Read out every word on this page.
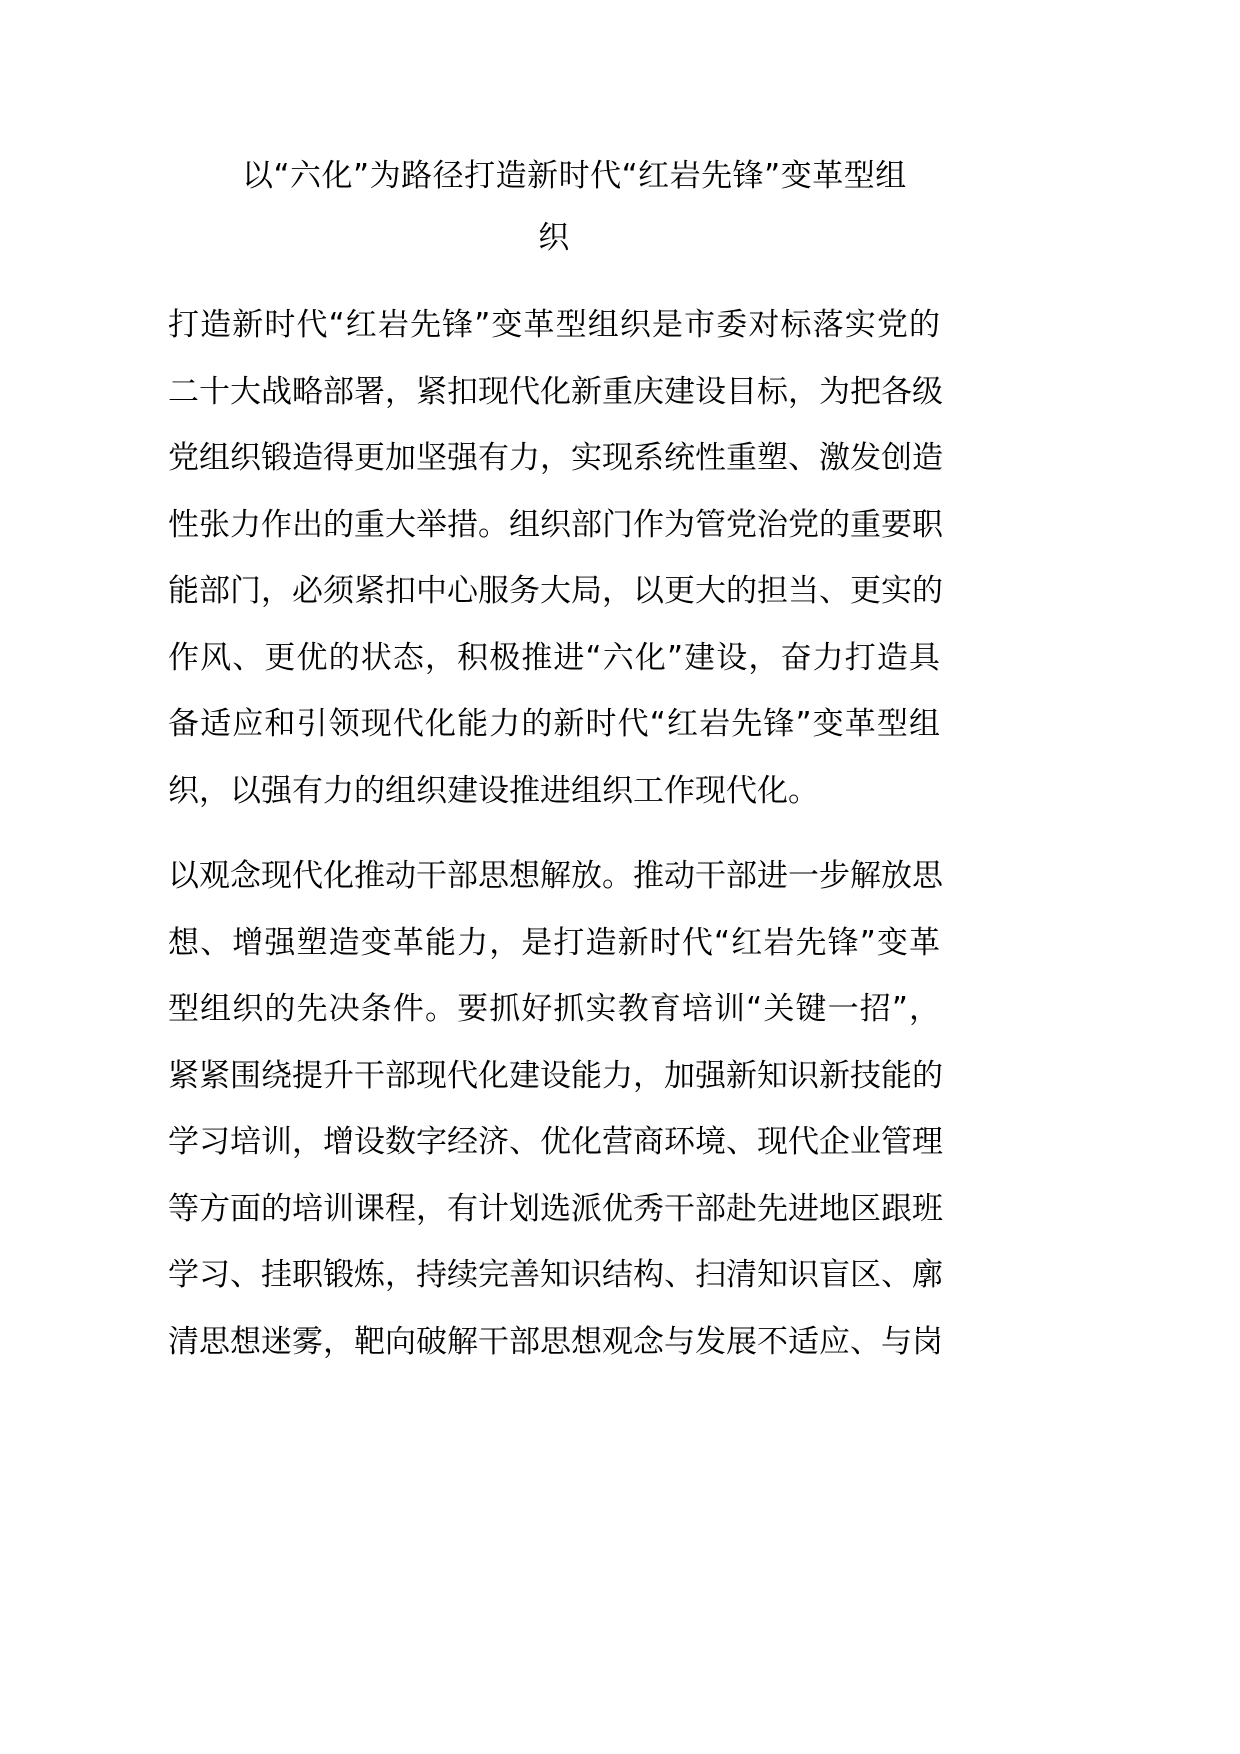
以“六化”为路径打造新时代“红岩先锋”变革型组
织
打造新时代“红岩先锋”变革型组织是市委对标落实党的
二十大战略部署，紧扣现代化新重庆建设目标，为把各级
党组织锻造得更加坚强有力，实现系统性重塑、激发创造
性张力作出的重大举措。组织部门作为管党治党的重要职
能部门，必须紧扣中心服务大局，以更大的担当、更实的
作风、更优的状态，积极推进“六化”建设，奋力打造具
备适应和引领现代化能力的新时代“红岩先锋”变革型组
织，以强有力的组织建设推进组织工作现代化。
以观念现代化推动干部思想解放。推动干部进一步解放思
想、增强塑造变革能力，是打造新时代“红岩先锋”变革
型组织的先决条件。要抓好抓实教育培训“关键一招”，
紧紧围绕提升干部现代化建设能力，加强新知识新技能的
学习培训，增设数字经济、优化营商环境、现代企业管理
等方面的培训课程，有计划选派优秀干部赴先进地区跟班
学习、挂职锻炼，持续完善知识结构、扫清知识盲区、廓
清思想迷雾，靶向破解干部思想观念与发展不适应、与岗
